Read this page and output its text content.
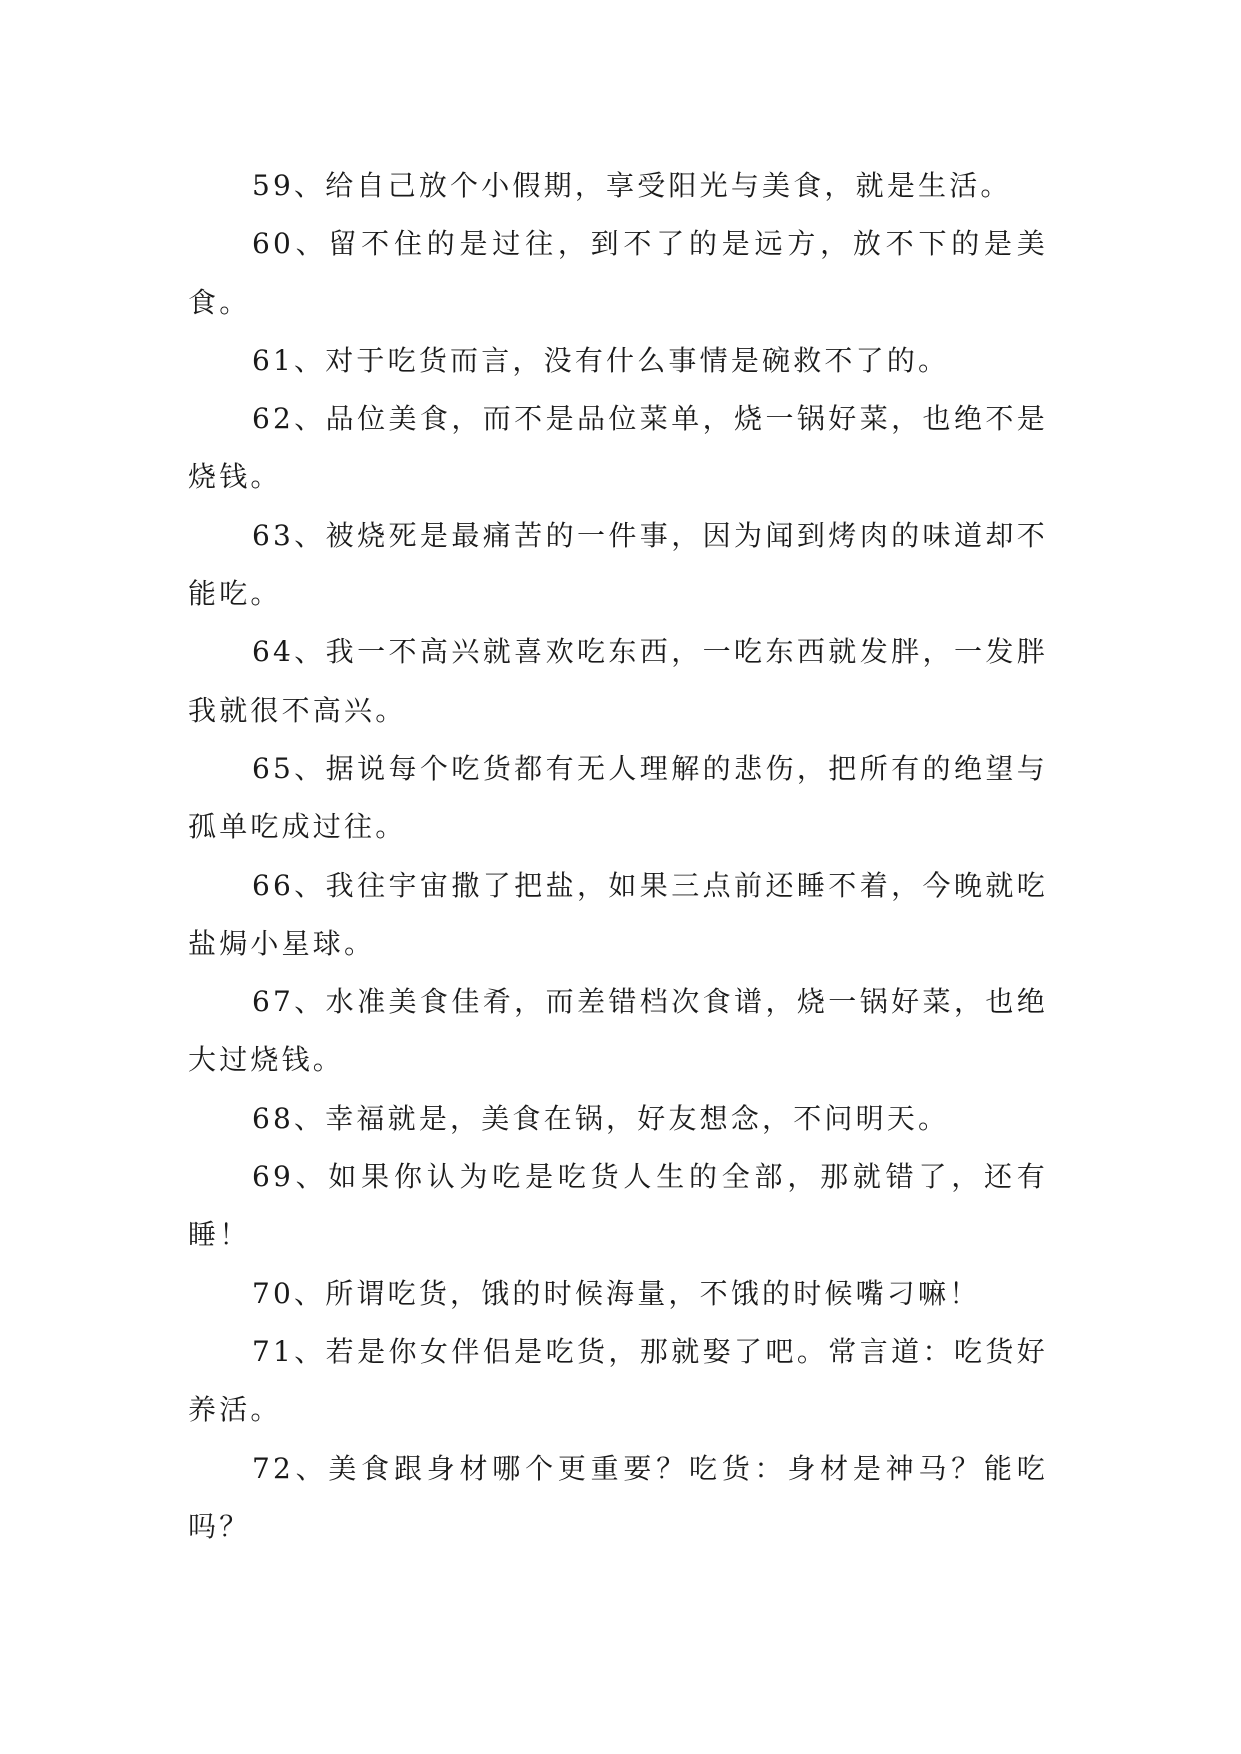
59、给自己放个小假期，享受阳光与美食，就是生活。

60、留不住的是过往，到不了的是远方，放不下的是美食。

61、对于吃货而言，没有什么事情是碗救不了的。

62、品位美食，而不是品位菜单，烧一锅好菜，也绝不是烧钱。

63、被烧死是最痛苦的一件事，因为闻到烤肉的味道却不能吃。

64、我一不高兴就喜欢吃东西，一吃东西就发胖，一发胖我就很不高兴。

65、据说每个吃货都有无人理解的悲伤，把所有的绝望与孤单吃成过往。

66、我往宇宙撒了把盐，如果三点前还睡不着，今晚就吃盐焗小星球。

67、水准美食佳肴，而差错档次食谱，烧一锅好菜，也绝大过烧钱。

68、幸福就是，美食在锅，好友想念，不问明天。

69、如果你认为吃是吃货人生的全部，那就错了，还有睡！

70、所谓吃货，饿的时候海量，不饿的时候嘴刁嘛！

71、若是你女伴侣是吃货，那就娶了吧。常言道：吃货好养活。

72、美食跟身材哪个更重要？吃货：身材是神马？能吃吗？
